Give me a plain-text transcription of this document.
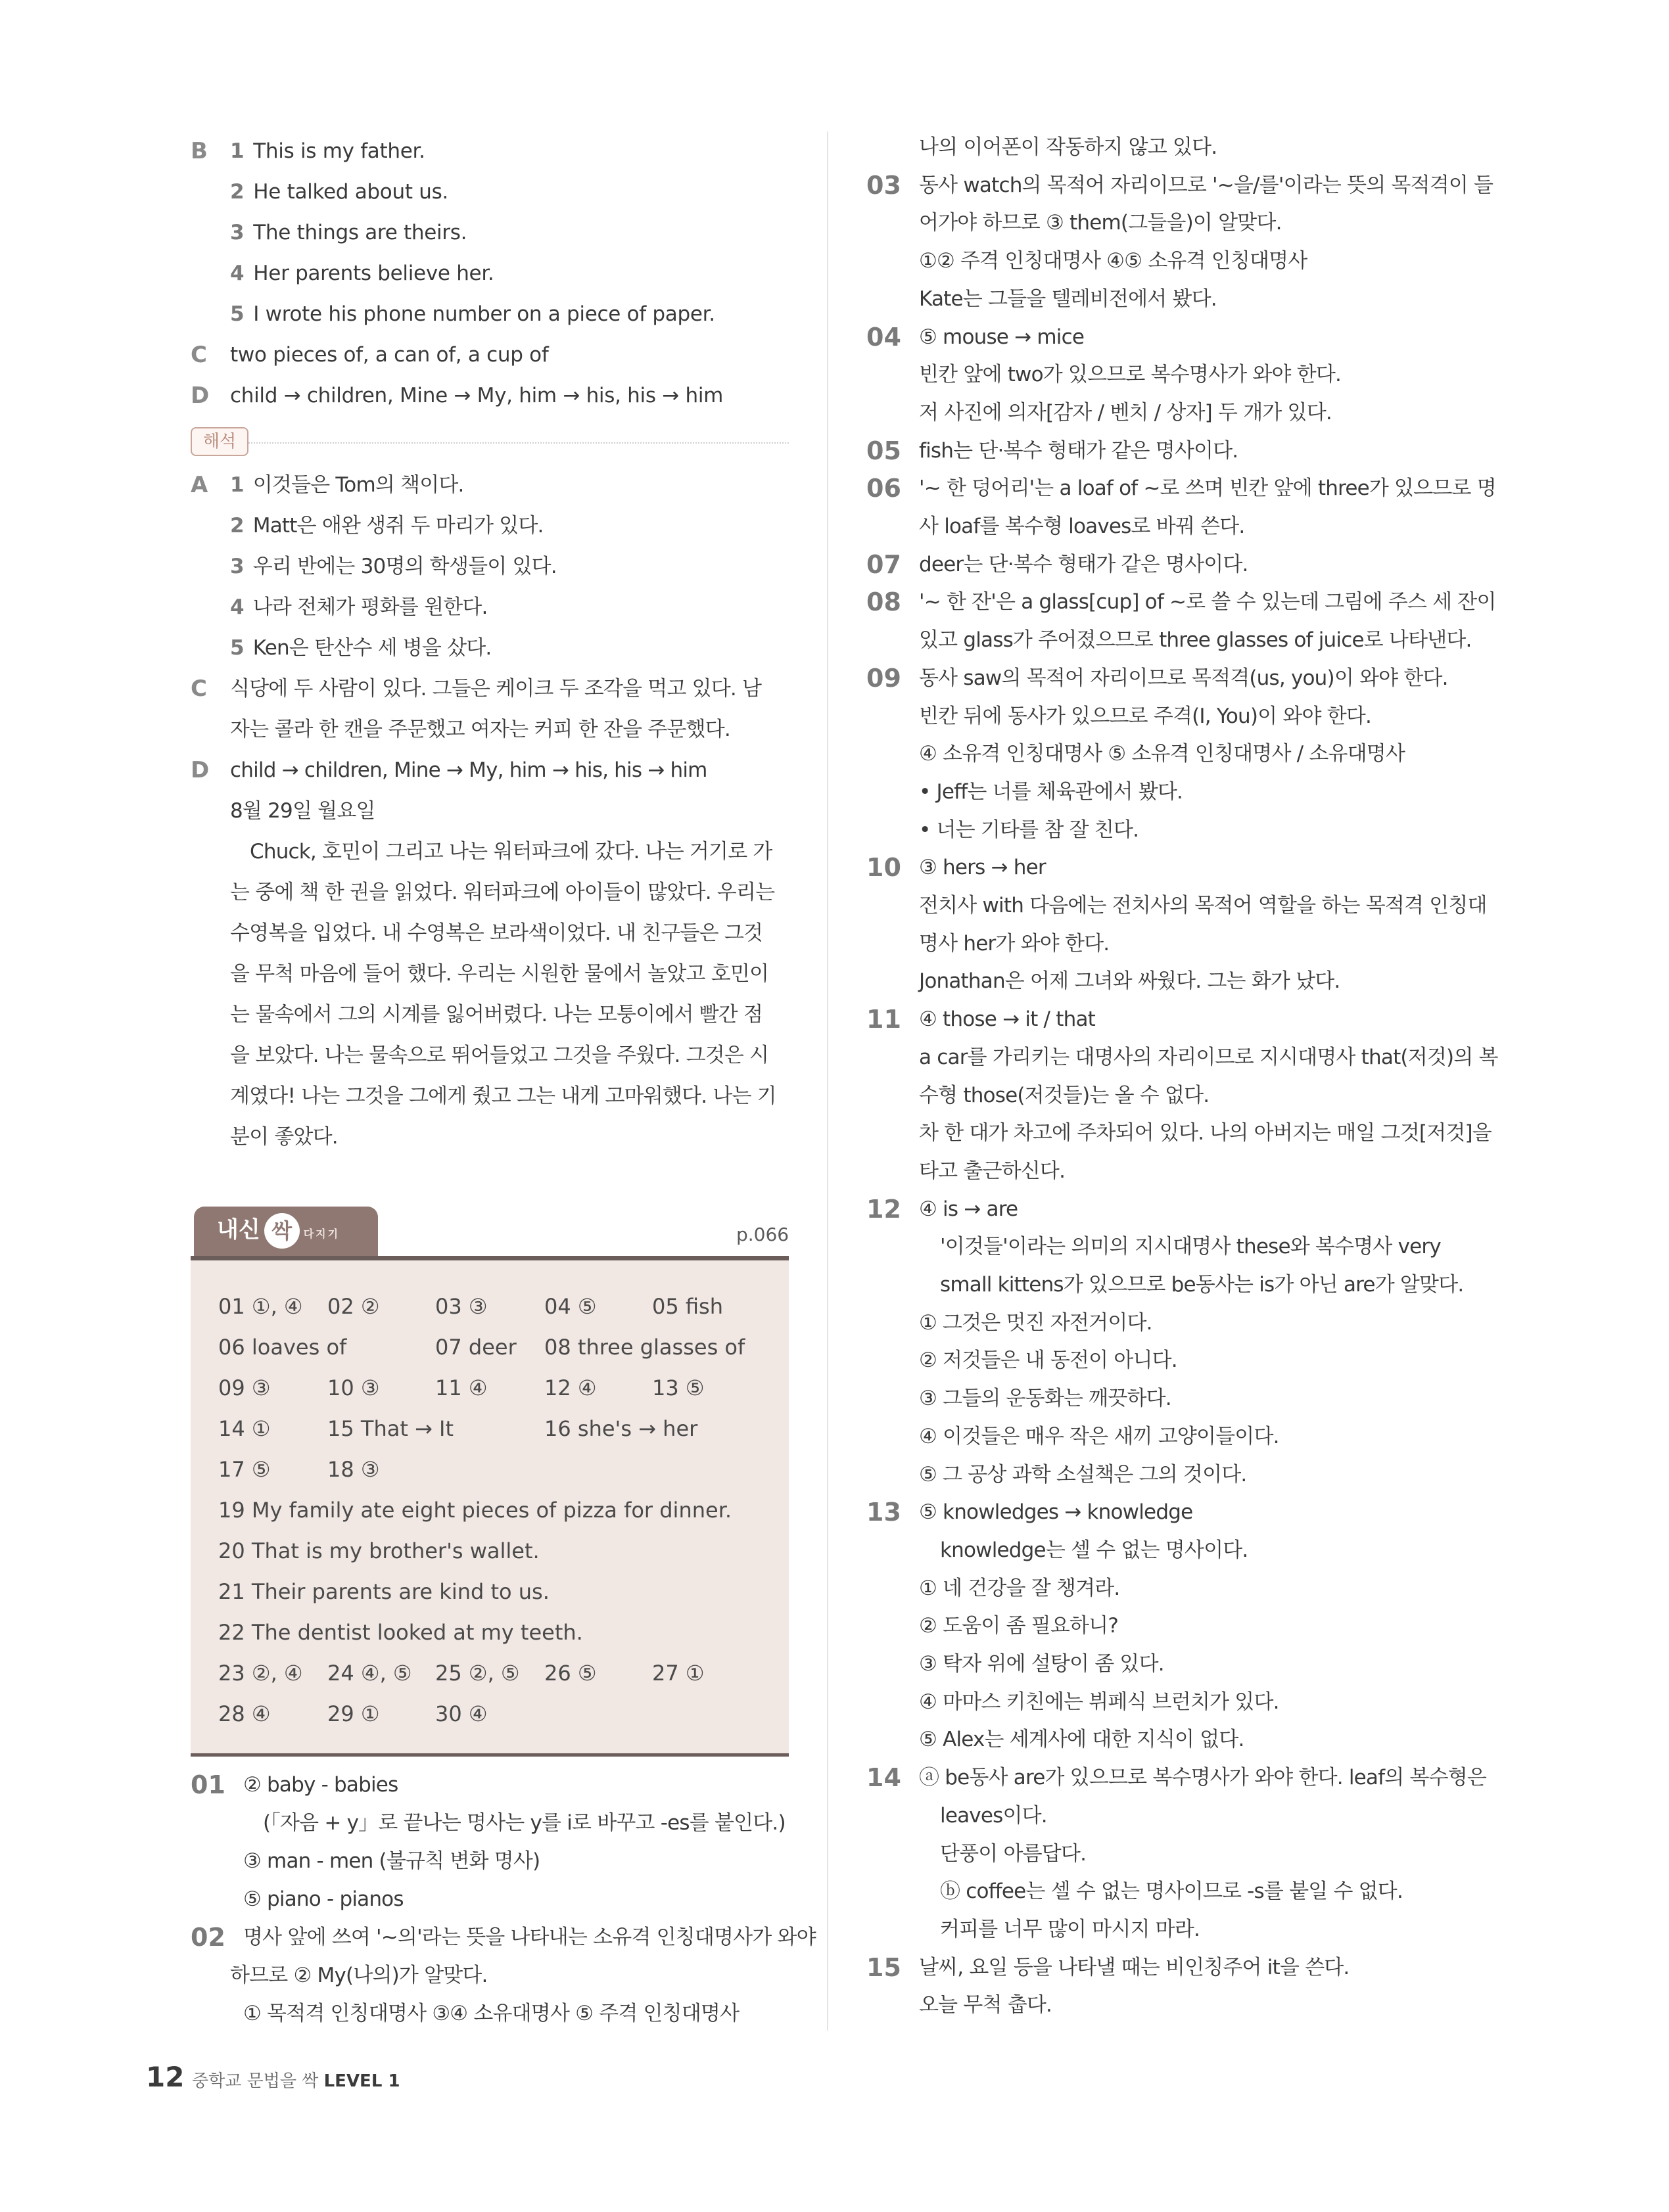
B 1 This is my father.
2 He talked about us.
3 The things are theirs.
4 Her parents believe her.
5 I wrote his phone number on a piece of paper.
C two pieces of, a can of, a cup of
D child → children, Mine → My, him → his, his → him
해석
A 1 이것들은 Tom의 책이다.
2 Matt은 애완 생쥐 두 마리가 있다.
3 우리 반에는 30명의 학생들이 있다.
4 나라 전체가 평화를 원한다.
5 Ken은 탄산수 세 병을 샀다.
C 식당에 두 사람이 있다. 그들은 케이크 두 조각을 먹고 있다. 남
자는 콜라 한 캔을 주문했고 여자는 커피 한 잔을 주문했다.
D child → children, Mine → My, him → his, his → him
8월 29일 월요일
Chuck, 호민이 그리고 나는 워터파크에 갔다. 나는 거기로 가
는 중에 책 한 권을 읽었다. 워터파크에 아이들이 많았다. 우리는
수영복을 입었다. 내 수영복은 보라색이었다. 내 친구들은 그것
을 무척 마음에 들어 했다. 우리는 시원한 물에서 놀았고 호민이
는 물속에서 그의 시계를 잃어버렸다. 나는 모퉁이에서 빨간 점
을 보았다. 나는 물속으로 뛰어들었고 그것을 주웠다. 그것은 시
계였다! 나는 그것을 그에게 줬고 그는 내게 고마워했다. 나는 기
분이 좋았다.
내신 싹 다지기	p.066
01 ①, ④ 02 ②	03 ③	04 ⑤	05 fish
06 loaves of	07 deer 08 three glasses of
09 ③	10 ③	11 ④	12 ④	13 ⑤
14 ①	15 That → It	16 she's → her
17 ⑤	18 ③
19 My family ate eight pieces of pizza for dinner.
20 That is my brother's wallet.
21 Their parents are kind to us.
22 The dentist looked at my teeth.
23 ②, ④ 24 ④, ⑤ 25 ②, ⑤ 26 ⑤	27 ①
28 ④	29 ①	30 ④
01 ② baby - babies
(「자음 + y」로 끝나는 명사는 y를 i로 바꾸고 -es를 붙인다.)
③ man - men (불규칙 변화 명사)
⑤ piano - pianos
02 명사 앞에 쓰여 '~의'라는 뜻을 나타내는 소유격 인칭대명사가 와야
하므로 ② My(나의)가 알맞다.
① 목적격 인칭대명사 ③④ 소유대명사 ⑤ 주격 인칭대명사
나의 이어폰이 작동하지 않고 있다.
03 동사 watch의 목적어 자리이므로 '~을/를'이라는 뜻의 목적격이 들
어가야 하므로 ③ them(그들을)이 알맞다.
①② 주격 인칭대명사 ④⑤ 소유격 인칭대명사
Kate는 그들을 텔레비전에서 봤다.
04 ⑤ mouse → mice
빈칸 앞에 two가 있으므로 복수명사가 와야 한다.
저 사진에 의자[감자 / 벤치 / 상자] 두 개가 있다.
05 fish는 단·복수 형태가 같은 명사이다.
06 '~ 한 덩어리'는 a loaf of ~로 쓰며 빈칸 앞에 three가 있으므로 명
사 loaf를 복수형 loaves로 바꿔 쓴다.
07 deer는 단·복수 형태가 같은 명사이다.
08 '~ 한 잔'은 a glass[cup] of ~로 쓸 수 있는데 그림에 주스 세 잔이
있고 glass가 주어졌으므로 three glasses of juice로 나타낸다.
09 동사 saw의 목적어 자리이므로 목적격(us, you)이 와야 한다.
빈칸 뒤에 동사가 있으므로 주격(I, You)이 와야 한다.
④ 소유격 인칭대명사 ⑤ 소유격 인칭대명사 / 소유대명사
• Jeff는 너를 체육관에서 봤다.
• 너는 기타를 참 잘 친다.
10 ③ hers → her
전치사 with 다음에는 전치사의 목적어 역할을 하는 목적격 인칭대
명사 her가 와야 한다.
Jonathan은 어제 그녀와 싸웠다. 그는 화가 났다.
11 ④ those → it / that
a car를 가리키는 대명사의 자리이므로 지시대명사 that(저것)의 복
수형 those(저것들)는 올 수 없다.
차 한 대가 차고에 주차되어 있다. 나의 아버지는 매일 그것[저것]을
타고 출근하신다.
12 ④ is → are
'이것들'이라는 의미의 지시대명사 these와 복수명사 very
small kittens가 있으므로 be동사는 is가 아닌 are가 알맞다.
① 그것은 멋진 자전거이다.
② 저것들은 내 동전이 아니다.
③ 그들의 운동화는 깨끗하다.
④ 이것들은 매우 작은 새끼 고양이들이다.
⑤ 그 공상 과학 소설책은 그의 것이다.
13 ⑤ knowledges → knowledge
knowledge는 셀 수 없는 명사이다.
① 네 건강을 잘 챙겨라.
② 도움이 좀 필요하니?
③ 탁자 위에 설탕이 좀 있다.
④ 마마스 키친에는 뷔페식 브런치가 있다.
⑤ Alex는 세계사에 대한 지식이 없다.
14 ⓐ be동사 are가 있으므로 복수명사가 와야 한다. leaf의 복수형은
leaves이다.
단풍이 아름답다.
ⓑ coffee는 셀 수 없는 명사이므로 -s를 붙일 수 없다.
커피를 너무 많이 마시지 마라.
15 날씨, 요일 등을 나타낼 때는 비인칭주어 it을 쓴다.
오늘 무척 춥다.
12 중학교 문법을 싹 LEVEL 1
